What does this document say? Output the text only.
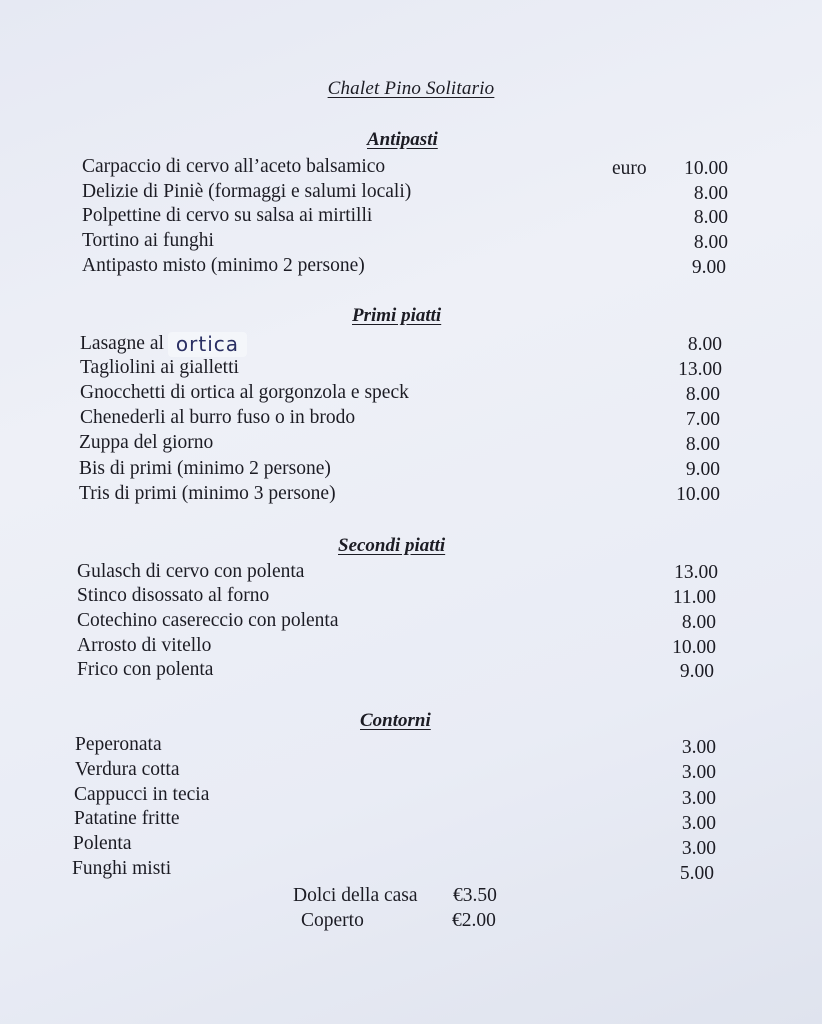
Chalet Pino Solitario
Antipasti
Carpaccio di cervo all’aceto balsamico	euro	10.00
Delizie di Piniè (formaggi e salumi locali)	8.00
Polpettine di cervo su salsa ai mirtilli	8.00
Tortino ai funghi	8.00
Antipasto misto (minimo 2 persone)	9.00
Primi piatti
Lasagne al ortica	8.00
Tagliolini ai gialletti	13.00
Gnocchetti di ortica al gorgonzola e speck	8.00
Chenederli al burro fuso o in brodo	7.00
Zuppa del giorno	8.00
Bis di primi (minimo 2 persone)	9.00
Tris di primi (minimo 3 persone)	10.00
Secondi piatti
Gulasch di cervo con polenta	13.00
Stinco disossato al forno	11.00
Cotechino casereccio con polenta	8.00
Arrosto di vitello	10.00
Frico con polenta	9.00
Contorni
Peperonata	3.00
Verdura cotta	3.00
Cappucci in tecia	3.00
Patatine fritte	3.00
Polenta	3.00
Funghi misti	5.00
Dolci della casa €3.50
Coperto	€2.00
